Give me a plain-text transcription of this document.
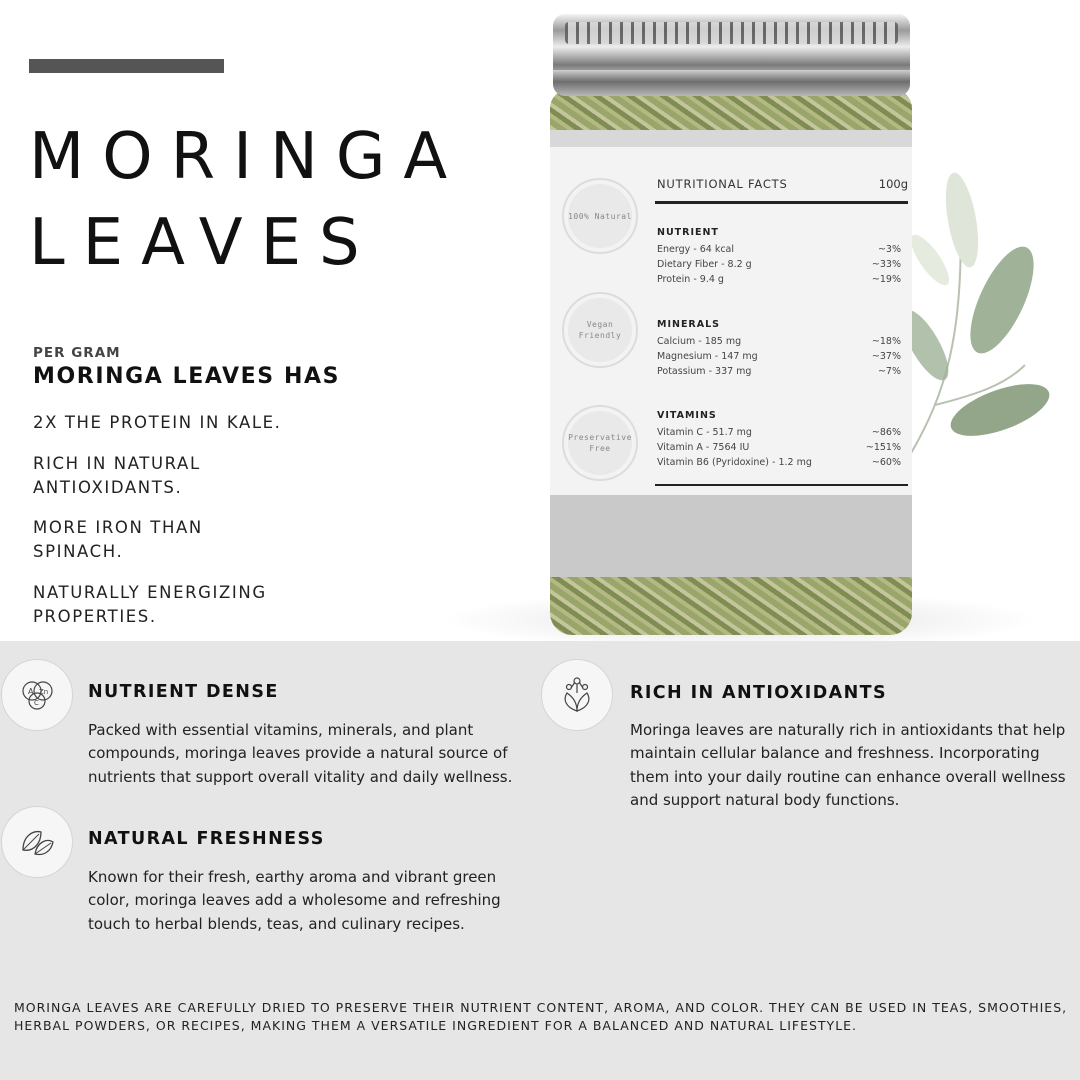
MORINGA
LEAVES
PER GRAM
MORINGA LEAVES HAS
2X THE PROTEIN IN KALE.
RICH IN NATURAL ANTIOXIDANTS.
MORE IRON THAN SPINACH.
NATURALLY ENERGIZING PROPERTIES.
100% Natural
Vegan Friendly
Preservative Free
NUTRITIONAL FACTS	100g
NUTRIENT
Energy - 64 kcal	~3%
Dietary Fiber - 8.2 g	~33%
Protein - 9.4 g	~19%
MINERALS
Calcium - 185 mg	~18%
Magnesium - 147 mg	~37%
Potassium - 337 mg	~7%
VITAMINS
Vitamin C - 51.7 mg	~86%
Vitamin A - 7564 IU	~151%
Vitamin B6 (Pyridoxine) - 1.2 mg	~60%
A Zn
C
NUTRIENT DENSE
Packed with essential vitamins, minerals, and plant compounds, moringa leaves provide a natural source of nutrients that support overall vitality and daily wellness.
RICH IN ANTIOXIDANTS
Moringa leaves are naturally rich in antioxidants that help maintain cellular balance and freshness. Incorporating them into your daily routine can enhance overall wellness and support natural body functions.
NATURAL FRESHNESS
Known for their fresh, earthy aroma and vibrant green color, moringa leaves add a wholesome and refreshing touch to herbal blends, teas, and culinary recipes.
MORINGA LEAVES ARE CAREFULLY DRIED TO PRESERVE THEIR NUTRIENT CONTENT, AROMA, AND COLOR. THEY CAN BE USED IN TEAS, SMOOTHIES, HERBAL POWDERS, OR RECIPES, MAKING THEM A VERSATILE INGREDIENT FOR A BALANCED AND NATURAL LIFESTYLE.
